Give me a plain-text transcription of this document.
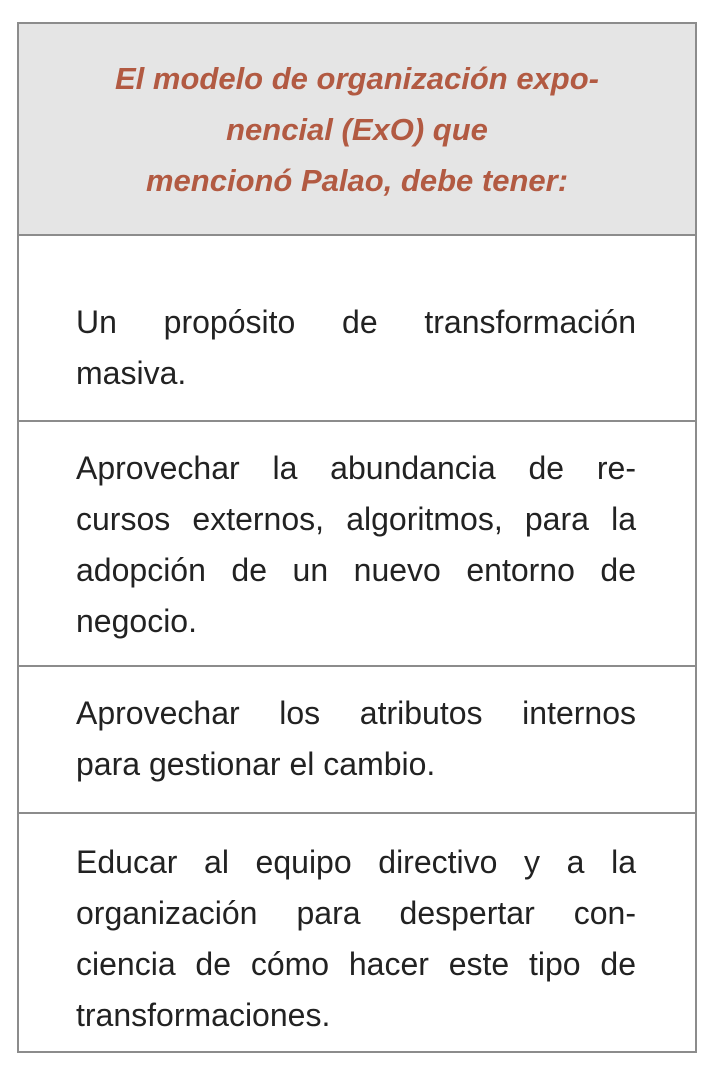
El modelo de organización expo-
nencial (ExO) que
mencionó Palao, debe tener:
Un propósito de transformación
masiva.
Aprovechar la abundancia de re-
cursos externos, algoritmos, para la
adopción de un nuevo entorno de
negocio.
Aprovechar los atributos internos
para gestionar el cambio.
Educar al equipo directivo y a la
organización para despertar con-
ciencia de cómo hacer este tipo de
transformaciones.
